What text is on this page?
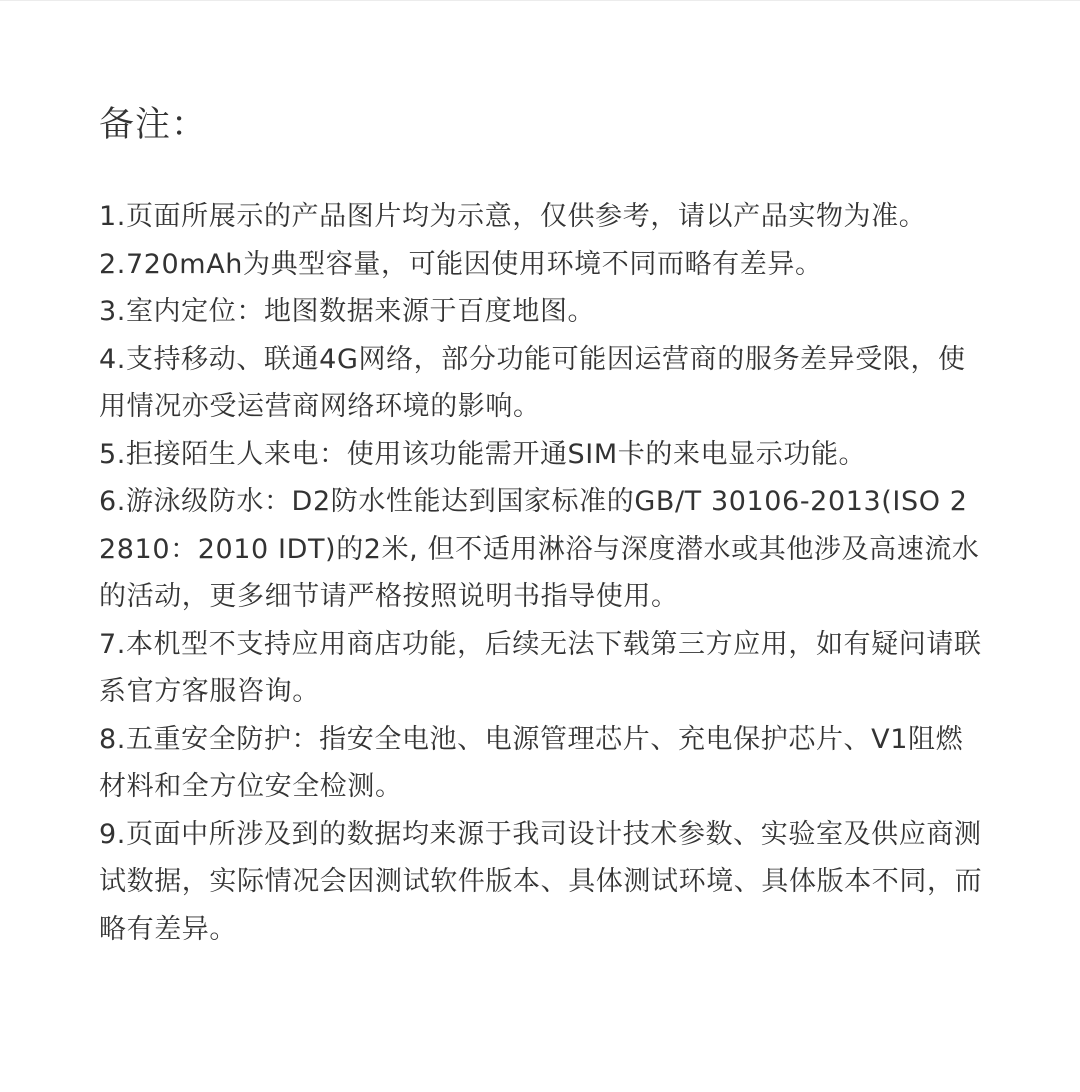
备注：
1.页面所展示的产品图片均为示意，仅供参考，请以产品实物为准。
2.720mAh为典型容量，可能因使用环境不同而略有差异。
3.室内定位：地图数据来源于百度地图。
4.支持移动、联通4G网络，部分功能可能因运营商的服务差异受限，使用情况亦受运营商网络环境的影响。
5.拒接陌生人来电：使用该功能需开通SIM卡的来电显示功能。
6.游泳级防水：D2防水性能达到国家标准的GB/T 30106-2013(ISO 22810：2010 IDT)的2米, 但不适用淋浴与深度潜水或其他涉及高速流水的活动，更多细节请严格按照说明书指导使用。
7.本机型不支持应用商店功能，后续无法下载第三方应用，如有疑问请联系官方客服咨询。
8.五重安全防护：指安全电池、电源管理芯片、充电保护芯片、V1阻燃材料和全方位安全检测。
9.页面中所涉及到的数据均来源于我司设计技术参数、实验室及供应商测试数据，实际情况会因测试软件版本、具体测试环境、具体版本不同，而略有差异。
